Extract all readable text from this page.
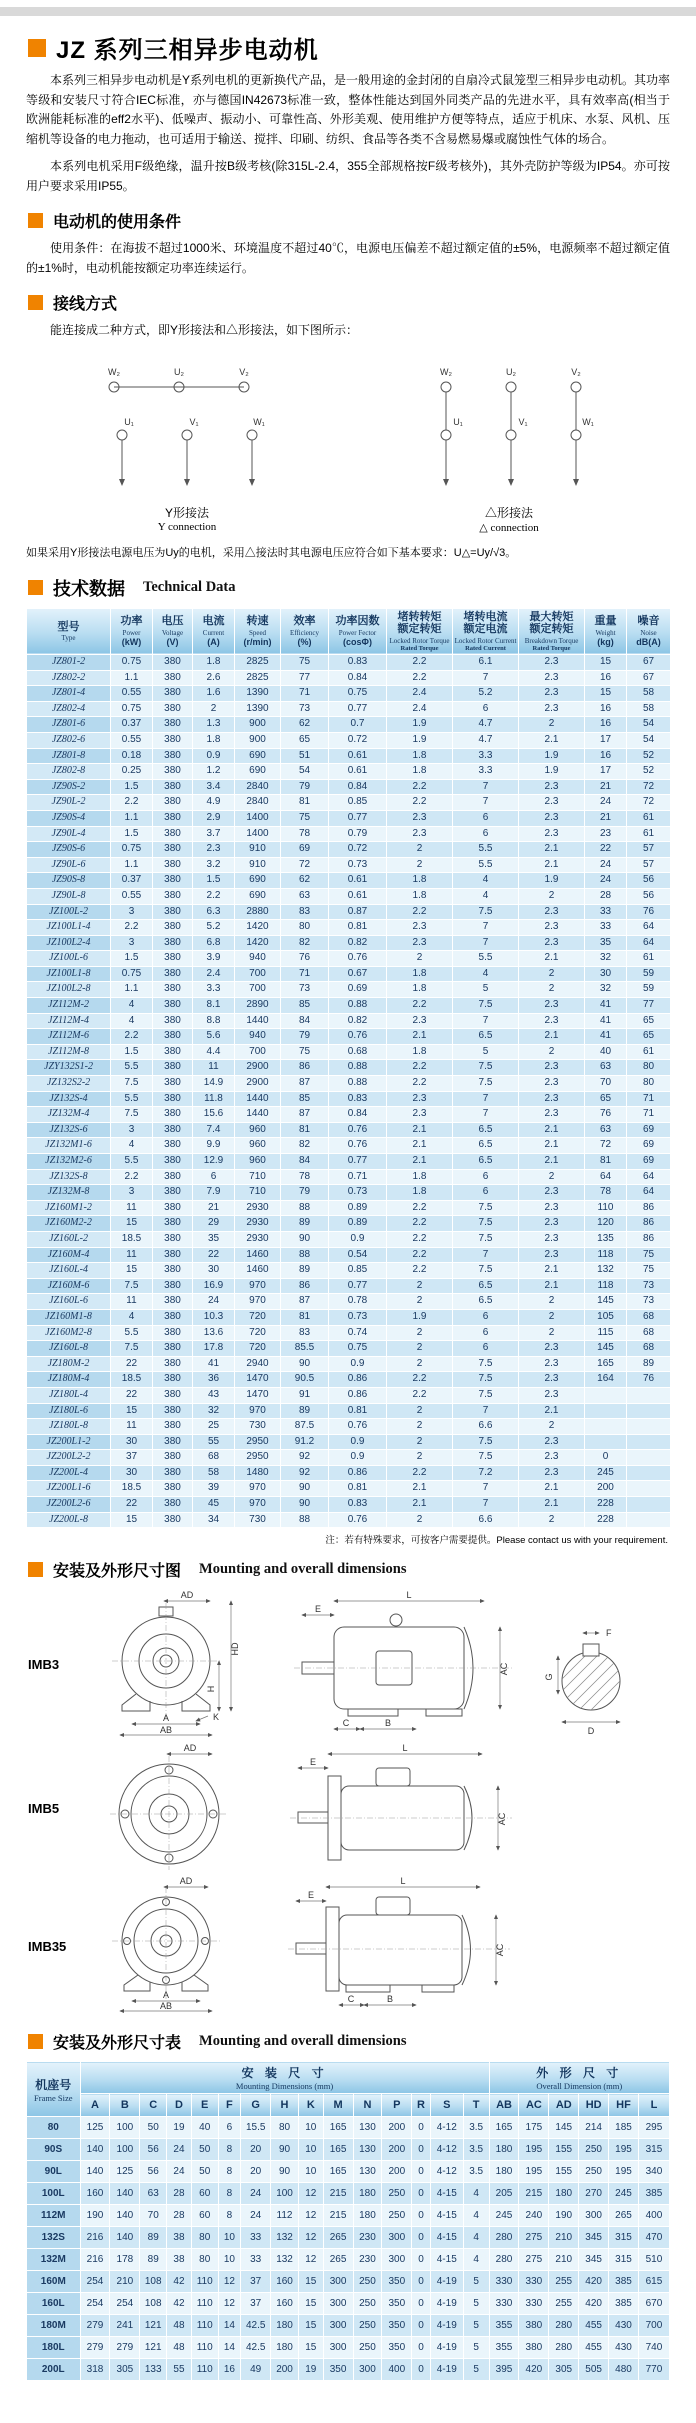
JZ 系列三相异步电动机

本系列三相异步电动机是Y系列电机的更新换代产品，是一般用途的金封闭的自扇冷式鼠笼型三相异步电动机。其功率等级和安装尺寸符合IEC标准，亦与德国IN42673标准一致，整体性能达到国外同类产品的先进水平，具有效率高(相当于欧洲能耗标准的eff2水平)、低噪声、振动小、可靠性高、外形美观、使用维护方便等特点，适应于机床、水泵、风机、压缩机等设备的电力拖动，也可适用于输送、搅拌、印刷、纺织、食品等各类不含易燃易爆或腐蚀性气体的场合。

本系列电机采用F级绝缘，温升按B级考核(除315L-2.4，355全部规格按F级考核外)，其外壳防护等级为IP54。亦可按用户要求采用IP55。

电动机的使用条件

使用条件：在海拔不超过1000米、环境温度不超过40℃，电源电压偏差不超过额定值的±5%，电源频率不超过额定值的±1%时，电动机能按额定功率连续运行。

接线方式

能连接成二种方式，即Y形接法和△形接法，如下图所示：

W₂	U₂	V₂
U₁	V₁	W₁
W₂	U₂	V₂
U₁	V₁	W₁
Y形接法
Y connection
△形接法
△ connection

如果采用Y形接法电源电压为Uy的电机，采用△接法时其电源电压应符合如下基本要求：U△=Uy/√3。

技术数据 Technical Data
型号
Type

功率
Power
(kW)

电压
Voltage
(V)

电流
Current
(A)

转速
Speed
(r/min)

效率
Efficiency
(%)

功率因数
Power Fector
(cosΦ)

堵转转矩
额定转矩
Locked Rotor Torque
Rated Torque

堵转电流
额定电流
Locked Rotor Current
Rated Current

最大转矩
额定转矩
Breakdown Torque
Rated Torque

重量
Weight
(kg)

噪音
Noise
dB(A)

JZ801-2	0.75	380	1.8	2825	75	0.83	2.2	6.1	2.3	15	67
JZ802-2	1.1	380	2.6	2825	77	0.84	2.2	7	2.3	16	67
JZ801-4	0.55	380	1.6	1390	71	0.75	2.4	5.2	2.3	15	58
JZ802-4	0.75	380	2	1390	73	0.77	2.4	6	2.3	16	58
JZ801-6	0.37	380	1.3	900	62	0.7	1.9	4.7	2	16	54
JZ802-6	0.55	380	1.8	900	65	0.72	1.9	4.7	2.1	17	54
JZ801-8	0.18	380	0.9	690	51	0.61	1.8	3.3	1.9	16	52
JZ802-8	0.25	380	1.2	690	54	0.61	1.8	3.3	1.9	17	52
JZ90S-2	1.5	380	3.4	2840	79	0.84	2.2	7	2.3	21	72
JZ90L-2	2.2	380	4.9	2840	81	0.85	2.2	7	2.3	24	72
JZ90S-4	1.1	380	2.9	1400	75	0.77	2.3	6	2.3	21	61
JZ90L-4	1.5	380	3.7	1400	78	0.79	2.3	6	2.3	23	61
JZ90S-6	0.75	380	2.3	910	69	0.72	2	5.5	2.1	22	57
JZ90L-6	1.1	380	3.2	910	72	0.73	2	5.5	2.1	24	57
JZ90S-8	0.37	380	1.5	690	62	0.61	1.8	4	1.9	24	56
JZ90L-8	0.55	380	2.2	690	63	0.61	1.8	4	2	28	56
JZ100L-2	3	380	6.3	2880	83	0.87	2.2	7.5	2.3	33	76
JZ100L1-4	2.2	380	5.2	1420	80	0.81	2.3	7	2.3	33	64
JZ100L2-4	3	380	6.8	1420	82	0.82	2.3	7	2.3	35	64
JZ100L-6	1.5	380	3.9	940	76	0.76	2	5.5	2.1	32	61
JZ100L1-8	0.75	380	2.4	700	71	0.67	1.8	4	2	30	59
JZ100L2-8	1.1	380	3.3	700	73	0.69	1.8	5	2	32	59
JZ112M-2	4	380	8.1	2890	85	0.88	2.2	7.5	2.3	41	77
JZ112M-4	4	380	8.8	1440	84	0.82	2.3	7	2.3	41	65
JZ112M-6	2.2	380	5.6	940	79	0.76	2.1	6.5	2.1	41	65
JZ112M-8	1.5	380	4.4	700	75	0.68	1.8	5	2	40	61
JZY132S1-2	5.5	380	11	2900	86	0.88	2.2	7.5	2.3	63	80
JZ132S2-2	7.5	380	14.9	2900	87	0.88	2.2	7.5	2.3	70	80
JZ132S-4	5.5	380	11.8	1440	85	0.83	2.3	7	2.3	65	71
JZ132M-4	7.5	380	15.6	1440	87	0.84	2.3	7	2.3	76	71
JZ132S-6	3	380	7.4	960	81	0.76	2.1	6.5	2.1	63	69
JZ132M1-6	4	380	9.9	960	82	0.76	2.1	6.5	2.1	72	69
JZ132M2-6	5.5	380	12.9	960	84	0.77	2.1	6.5	2.1	81	69
JZ132S-8	2.2	380	6	710	78	0.71	1.8	6	2	64	64
JZ132M-8	3	380	7.9	710	79	0.73	1.8	6	2.3	78	64
JZ160M1-2	11	380	21	2930	88	0.89	2.2	7.5	2.3	110	86
JZ160M2-2	15	380	29	2930	89	0.89	2.2	7.5	2.3	120	86
JZ160L-2	18.5	380	35	2930	90	0.9	2.2	7.5	2.3	135	86
JZ160M-4	11	380	22	1460	88	0.54	2.2	7	2.3	118	75
JZ160L-4	15	380	30	1460	89	0.85	2.2	7.5	2.1	132	75
JZ160M-6	7.5	380	16.9	970	86	0.77	2	6.5	2.1	118	73
JZ160L-6	11	380	24	970	87	0.78	2	6.5	2	145	73
JZ160M1-8	4	380	10.3	720	81	0.73	1.9	6	2	105	68
JZ160M2-8	5.5	380	13.6	720	83	0.74	2	6	2	115	68
JZ160L-8	7.5	380	17.8	720	85.5	0.75	2	6	2.3	145	68
JZ180M-2	22	380	41	2940	90	0.9	2	7.5	2.3	165	89
JZ180M-4	18.5	380	36	1470	90.5	0.86	2.2	7.5	2.3	164	76
JZ180L-4	22	380	43	1470	91	0.86	2.2	7.5	2.3		
JZ180L-6	15	380	32	970	89	0.81	2	7	2.1		
JZ180L-8	11	380	25	730	87.5	0.76	2	6.6	2		
JZ200L1-2	30	380	55	2950	91.2	0.9	2	7.5	2.3		
JZ200L2-2	37	380	68	2950	92	0.9	2	7.5	2.3	0	
JZ200L-4	30	380	58	1480	92	0.86	2.2	7.2	2.3	245	
JZ200L1-6	18.5	380	39	970	90	0.81	2.1	7	2.1	200	
JZ200L2-6	22	380	45	970	90	0.83	2.1	7	2.1	228	
JZ200L-8	15	380	34	730	88	0.76	2	6.6	2	228	
注：若有特殊要求，可按客户需要提供。Please contact us with your requirement.
安装及外形尺寸图 Mounting and overall dimensions
IMB3
AD
HD
H
K
A
AB
L
E
AC
C	B
F
G
D
IMB5
AD	L
E
AC
IMB35
AD
A
AB
L
E
AC
C	B
安装及外形尺寸表 Mounting and overall dimensions
机座号
Frame Size

安 装 尺 寸
Mounting Dimensions (mm)

外 形 尺 寸
Overall Dimension (mm)

	A	B	C	D	E	F	G	H	K	M	N	P	R	S	T	AB	AC	AD	HD	HF	L
80	125	100	50	19	40	6	15.5	80	10	165	130	200	0	4-12	3.5	165	175	145	214	185	295
90S	140	100	56	24	50	8	20	90	10	165	130	200	0	4-12	3.5	180	195	155	250	195	315
90L	140	125	56	24	50	8	20	90	10	165	130	200	0	4-12	3.5	180	195	155	250	195	340
100L	160	140	63	28	60	8	24	100	12	215	180	250	0	4-15	4	205	215	180	270	245	385
112M	190	140	70	28	60	8	24	112	12	215	180	250	0	4-15	4	245	240	190	300	265	400
132S	216	140	89	38	80	10	33	132	12	265	230	300	0	4-15	4	280	275	210	345	315	470
132M	216	178	89	38	80	10	33	132	12	265	230	300	0	4-15	4	280	275	210	345	315	510
160M	254	210	108	42	110	12	37	160	15	300	250	350	0	4-19	5	330	330	255	420	385	615
160L	254	254	108	42	110	12	37	160	15	300	250	350	0	4-19	5	330	330	255	420	385	670
180M	279	241	121	48	110	14	42.5	180	15	300	250	350	0	4-19	5	355	380	280	455	430	700
180L	279	279	121	48	110	14	42.5	180	15	300	250	350	0	4-19	5	355	380	280	455	430	740
200L	318	305	133	55	110	16	49	200	19	350	300	400	0	4-19	5	395	420	305	505	480	770
